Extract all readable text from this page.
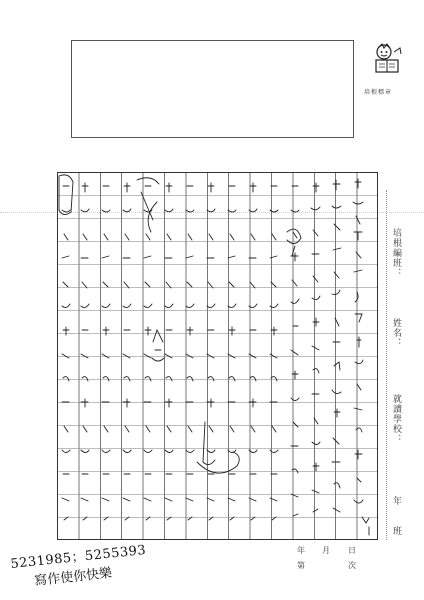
培根標章
培根編班：
姓名：
就讀學校：
年
班
年 月 日
第	次
5231985；5255393
寫作使你快樂
